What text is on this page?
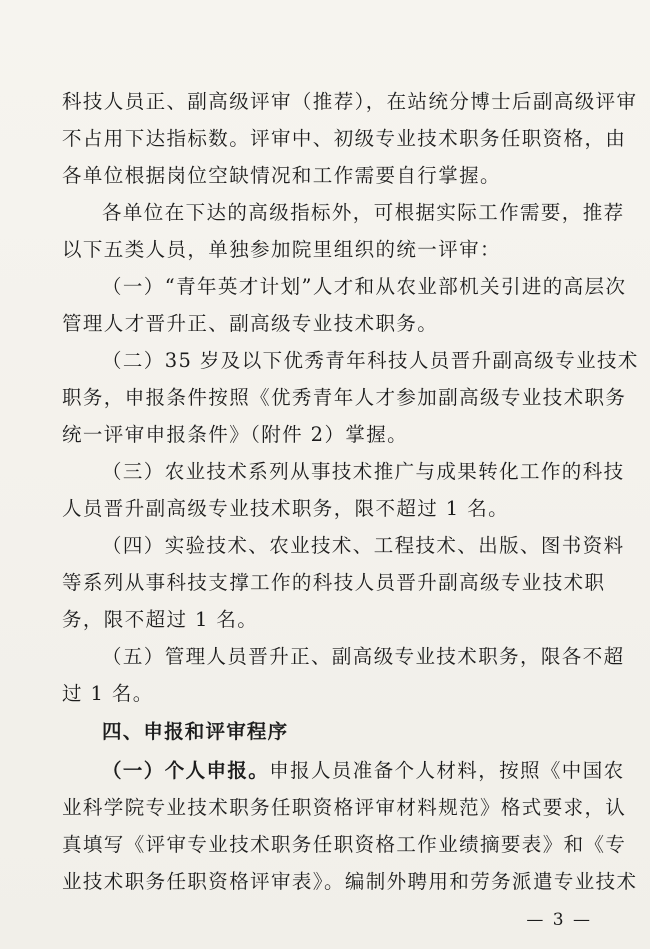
科技人员正、副高级评审（推荐），在站统分博士后副高级评审
不占用下达指标数。评审中、初级专业技术职务任职资格，由
各单位根据岗位空缺情况和工作需要自行掌握。
各单位在下达的高级指标外，可根据实际工作需要，推荐
以下五类人员，单独参加院里组织的统一评审：
（一）“青年英才计划”人才和从农业部机关引进的高层次
管理人才晋升正、副高级专业技术职务。
（二）35 岁及以下优秀青年科技人员晋升副高级专业技术
职务，申报条件按照《优秀青年人才参加副高级专业技术职务
统一评审申报条件》（附件 2）掌握。
（三）农业技术系列从事技术推广与成果转化工作的科技
人员晋升副高级专业技术职务，限不超过 1 名。
（四）实验技术、农业技术、工程技术、出版、图书资料
等系列从事科技支撑工作的科技人员晋升副高级专业技术职
务，限不超过 1 名。
（五）管理人员晋升正、副高级专业技术职务，限各不超
过 1 名。
四、申报和评审程序
（一）个人申报。申报人员准备个人材料，按照《中国农
业科学院专业技术职务任职资格评审材料规范》格式要求，认
真填写《评审专业技术职务任职资格工作业绩摘要表》和《专
业技术职务任职资格评审表》。编制外聘用和劳务派遣专业技术
— 3 —
